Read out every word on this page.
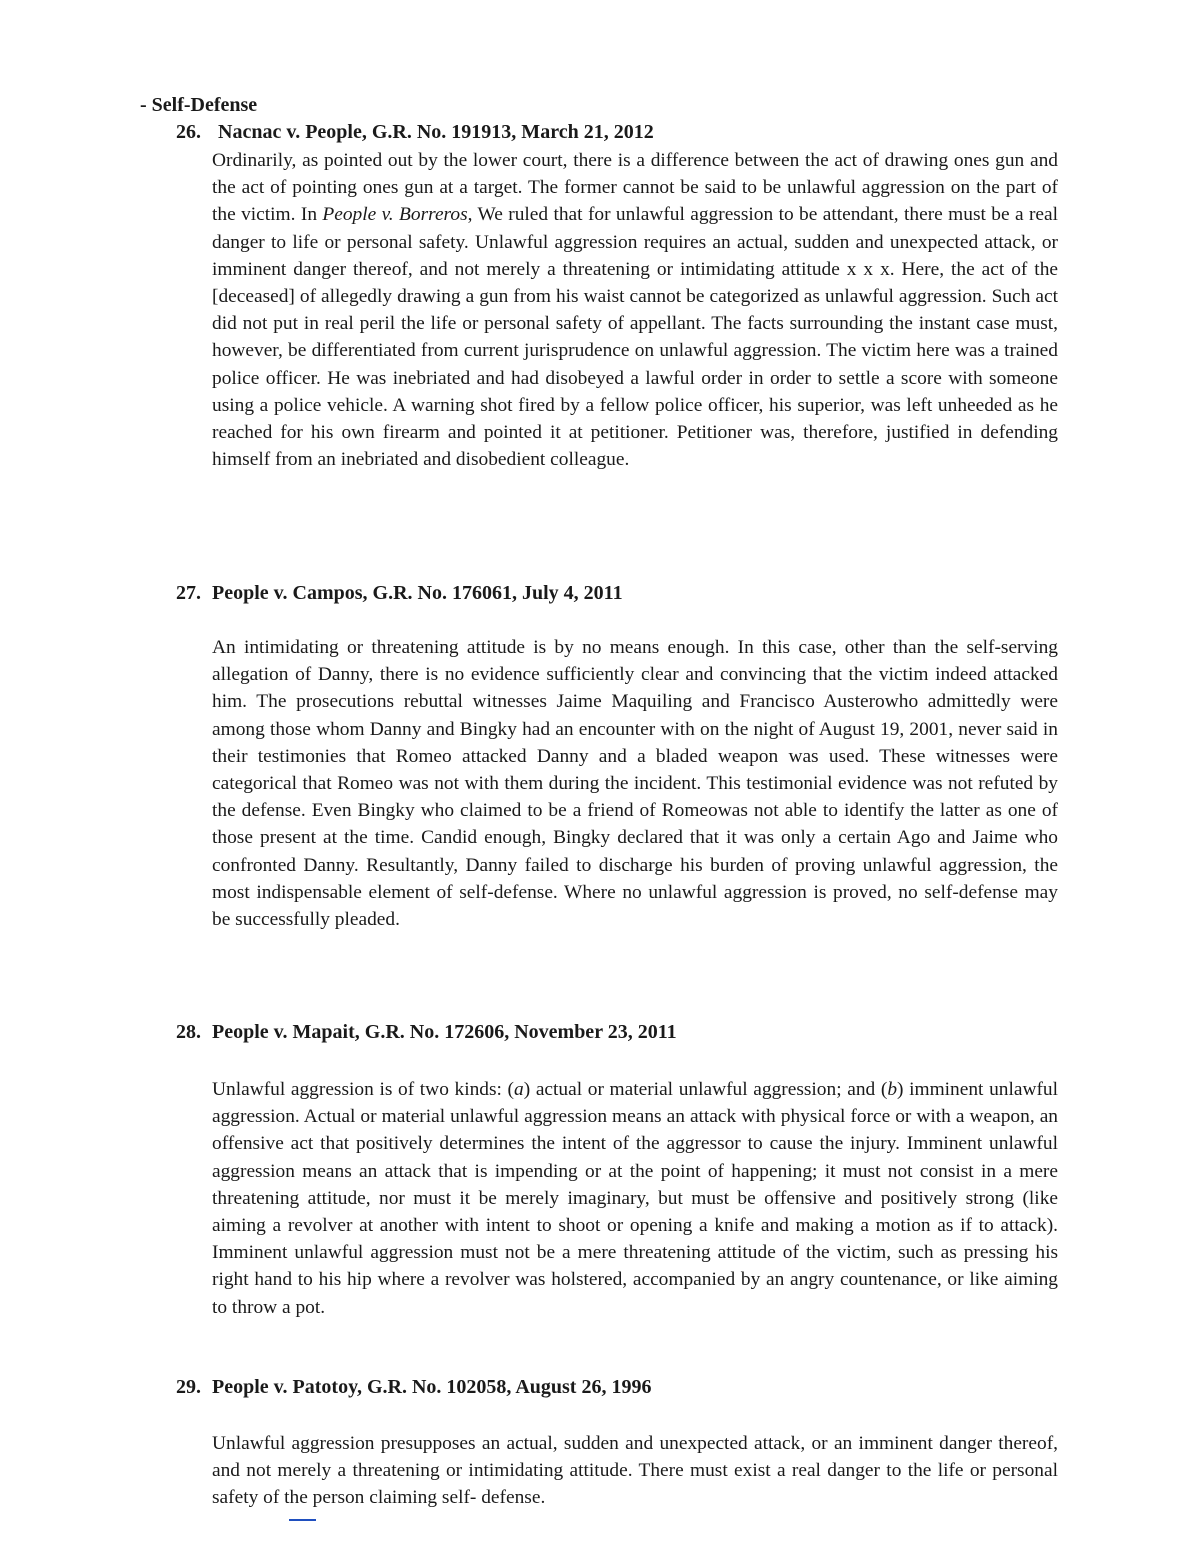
- Self-Defense

26. Nacnac v. People, G.R. No. 191913, March 21, 2012

Ordinarily, as pointed out by the lower court, there is a difference between the act of drawing ones gun and the act of pointing ones gun at a target. The former cannot be said to be unlawful aggression on the part of the victim. In People v. Borreros, We ruled that for unlawful aggression to be attendant, there must be a real danger to life or personal safety. Unlawful aggression requires an actual, sudden and unexpected attack, or imminent danger thereof, and not merely a threatening or intimidating attitude x x x. Here, the act of the [deceased] of allegedly drawing a gun from his waist cannot be categorized as unlawful aggression. Such act did not put in real peril the life or personal safety of appellant. The facts surrounding the instant case must, however, be differentiated from current jurisprudence on unlawful aggression. The victim here was a trained police officer. He was inebriated and had disobeyed a lawful order in order to settle a score with someone using a police vehicle. A warning shot fired by a fellow police officer, his superior, was left unheeded as he reached for his own firearm and pointed it at petitioner. Petitioner was, therefore, justified in defending himself from an inebriated and disobedient colleague.

27. People v. Campos, G.R. No. 176061, July 4, 2011

An intimidating or threatening attitude is by no means enough. In this case, other than the self-serving allegation of Danny, there is no evidence sufficiently clear and convincing that the victim indeed attacked him. The prosecutions rebuttal witnesses Jaime Maquiling and Francisco Austerowho admittedly were among those whom Danny and Bingky had an encounter with on the night of August 19, 2001, never said in their testimonies that Romeo attacked Danny and a bladed weapon was used. These witnesses were categorical that Romeo was not with them during the incident. This testimonial evidence was not refuted by the defense. Even Bingky who claimed to be a friend of Romeowas not able to identify the latter as one of those present at the time. Candid enough, Bingky declared that it was only a certain Ago and Jaime who confronted Danny. Resultantly, Danny failed to discharge his burden of proving unlawful aggression, the most indispensable element of self-defense. Where no unlawful aggression is proved, no self-defense may be successfully pleaded.

28. People v. Mapait, G.R. No. 172606, November 23, 2011

Unlawful aggression is of two kinds: (a) actual or material unlawful aggression; and (b) imminent unlawful aggression. Actual or material unlawful aggression means an attack with physical force or with a weapon, an offensive act that positively determines the intent of the aggressor to cause the injury. Imminent unlawful aggression means an attack that is impending or at the point of happening; it must not consist in a mere threatening attitude, nor must it be merely imaginary, but must be offensive and positively strong (like aiming a revolver at another with intent to shoot or opening a knife and making a motion as if to attack). Imminent unlawful aggression must not be a mere threatening attitude of the victim, such as pressing his right hand to his hip where a revolver was holstered, accompanied by an angry countenance, or like aiming to throw a pot.

29. People v. Patotoy, G.R. No. 102058, August 26, 1996

Unlawful aggression presupposes an actual, sudden and unexpected attack, or an imminent danger thereof, and not merely a threatening or intimidating attitude. There must exist a real danger to the life or personal safety of the person claiming self- defense.
